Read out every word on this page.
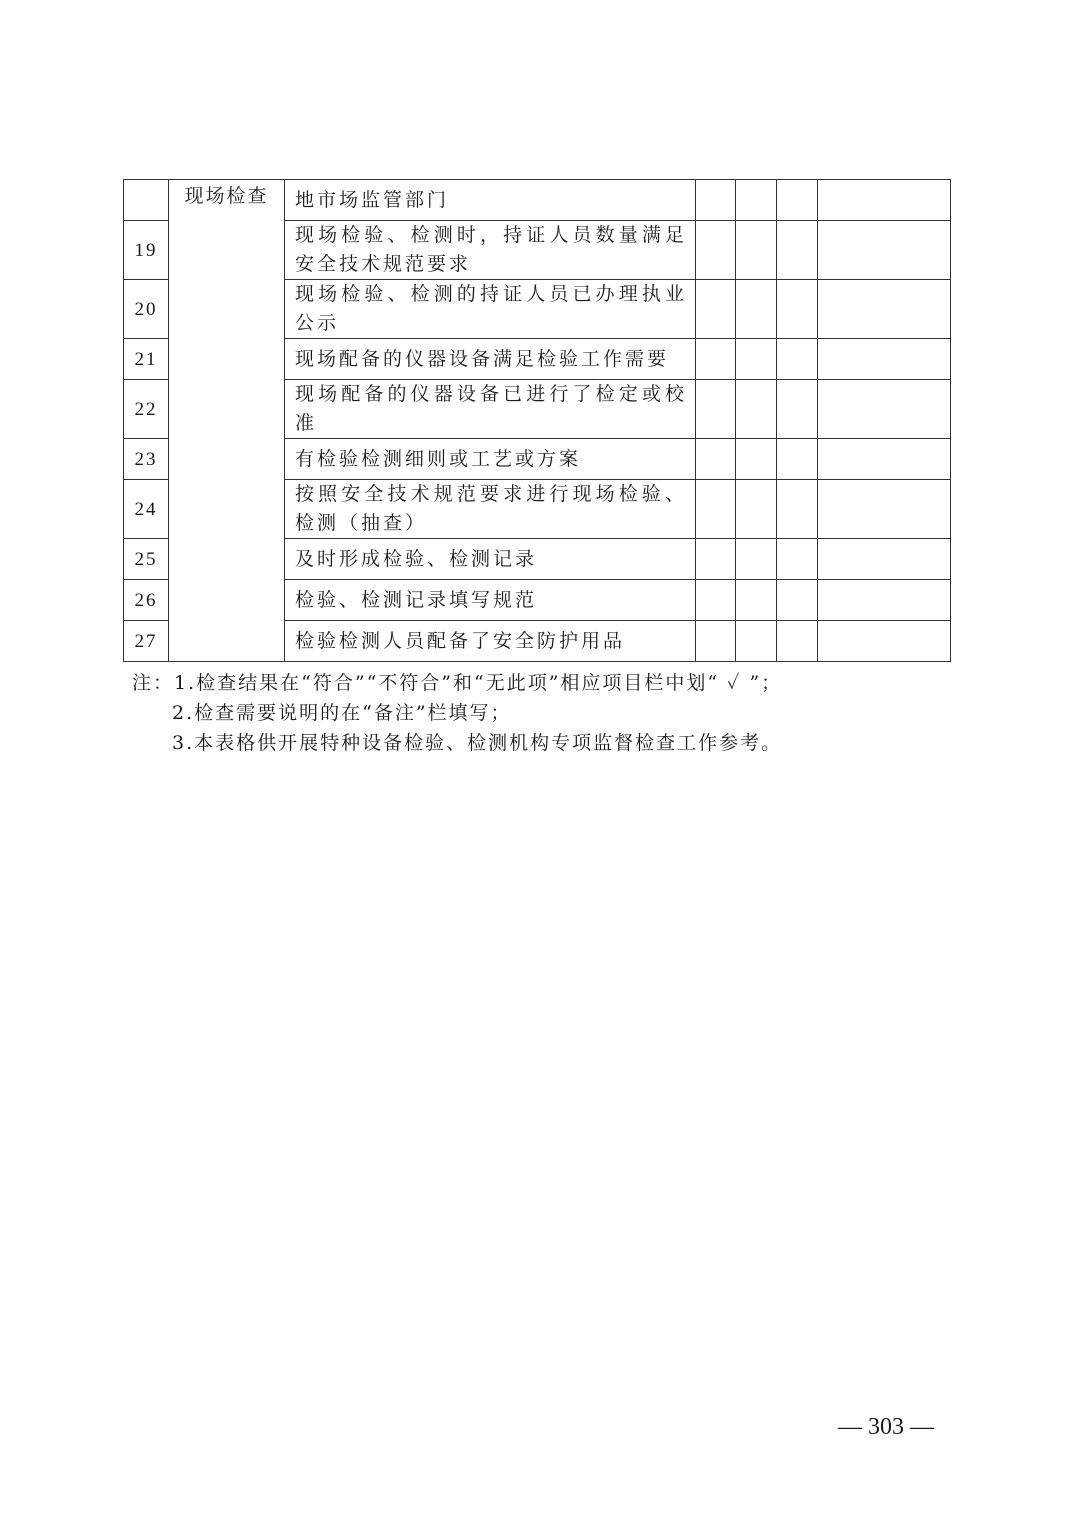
	现场检查	地市场监管部门				
19		现场检验、检测时，持证人员数量满足安全技术规范要求				
20		现场检验、检测的持证人员已办理执业公示				
21		现场配备的仪器设备满足检验工作需要				
22		现场配备的仪器设备已进行了检定或校准				
23		有检验检测细则或工艺或方案				
24		按照安全技术规范要求进行现场检验、检测（抽查）				
25		及时形成检验、检测记录				
26		检验、检测记录填写规范				
27		检验检测人员配备了安全防护用品				
注：1.检查结果在“符合”“不符合”和“无此项”相应项目栏中划“ ✓ ”；
2.检查需要说明的在“备注”栏填写；
3.本表格供开展特种设备检验、检测机构专项监督检查工作参考。
— 303 —
